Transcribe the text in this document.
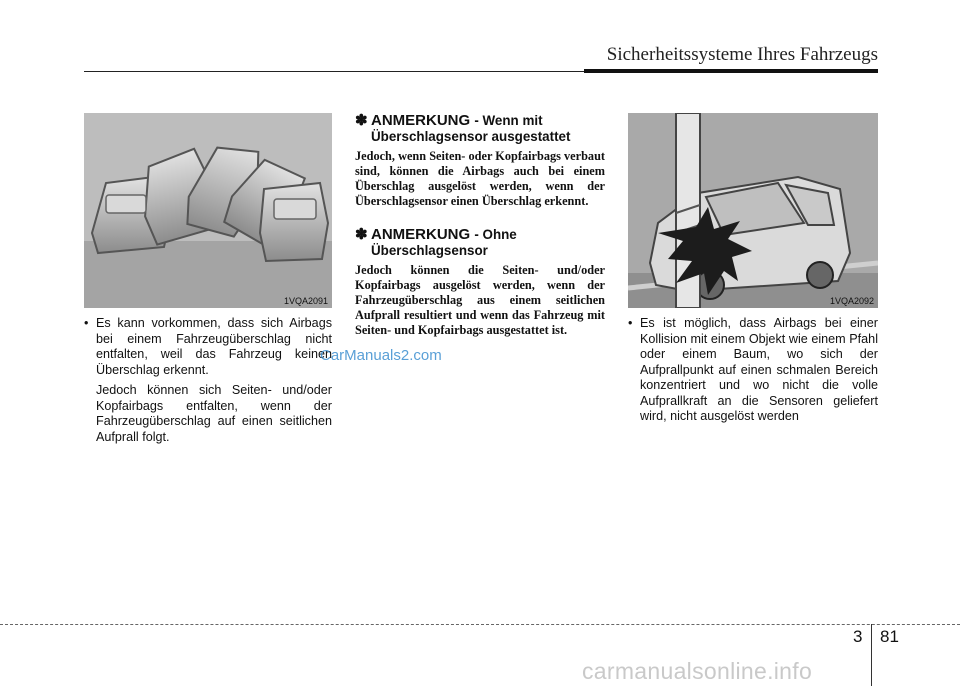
Sicherheitssysteme Ihres Fahrzeugs
1VQA2091	1VQA2092
• Es kann vorkommen, dass sich Airbags bei einem Fahrzeugüberschlag nicht entfalten, weil das Fahrzeug keinen Überschlag erkennt.

Jedoch können sich Seiten- und/oder Kopfairbags entfalten, wenn der Fahrzeugüberschlag auf einen seitlichen Aufprall folgt.

✽ ANMERKUNG - Wenn mit Überschlagsensor ausgestattet
Jedoch, wenn Seiten- oder Kopfairbags verbaut sind, können die Airbags auch bei einem Überschlag ausgelöst werden, wenn der Überschlagsensor einen Überschlag erkennt.
✽ ANMERKUNG - Ohne Überschlagsensor
Jedoch können die Seiten- und/oder Kopfairbags ausgelöst werden, wenn der Fahrzeugüberschlag aus einem seitlichen Aufprall resultiert und wenn das Fahrzeug mit Seiten- und Kopfairbags ausgestattet ist.	• Es ist möglich, dass Airbags bei einer Kollision mit einem Objekt wie einem Pfahl oder einem Baum, wo sich der Aufprallpunkt auf einen schmalen Bereich konzentriert und wo nicht die volle Aufprallkraft an die Sensoren geliefert wird, nicht ausgelöst werden

CarManuals2.com
3 81
carmanualsonline.info
